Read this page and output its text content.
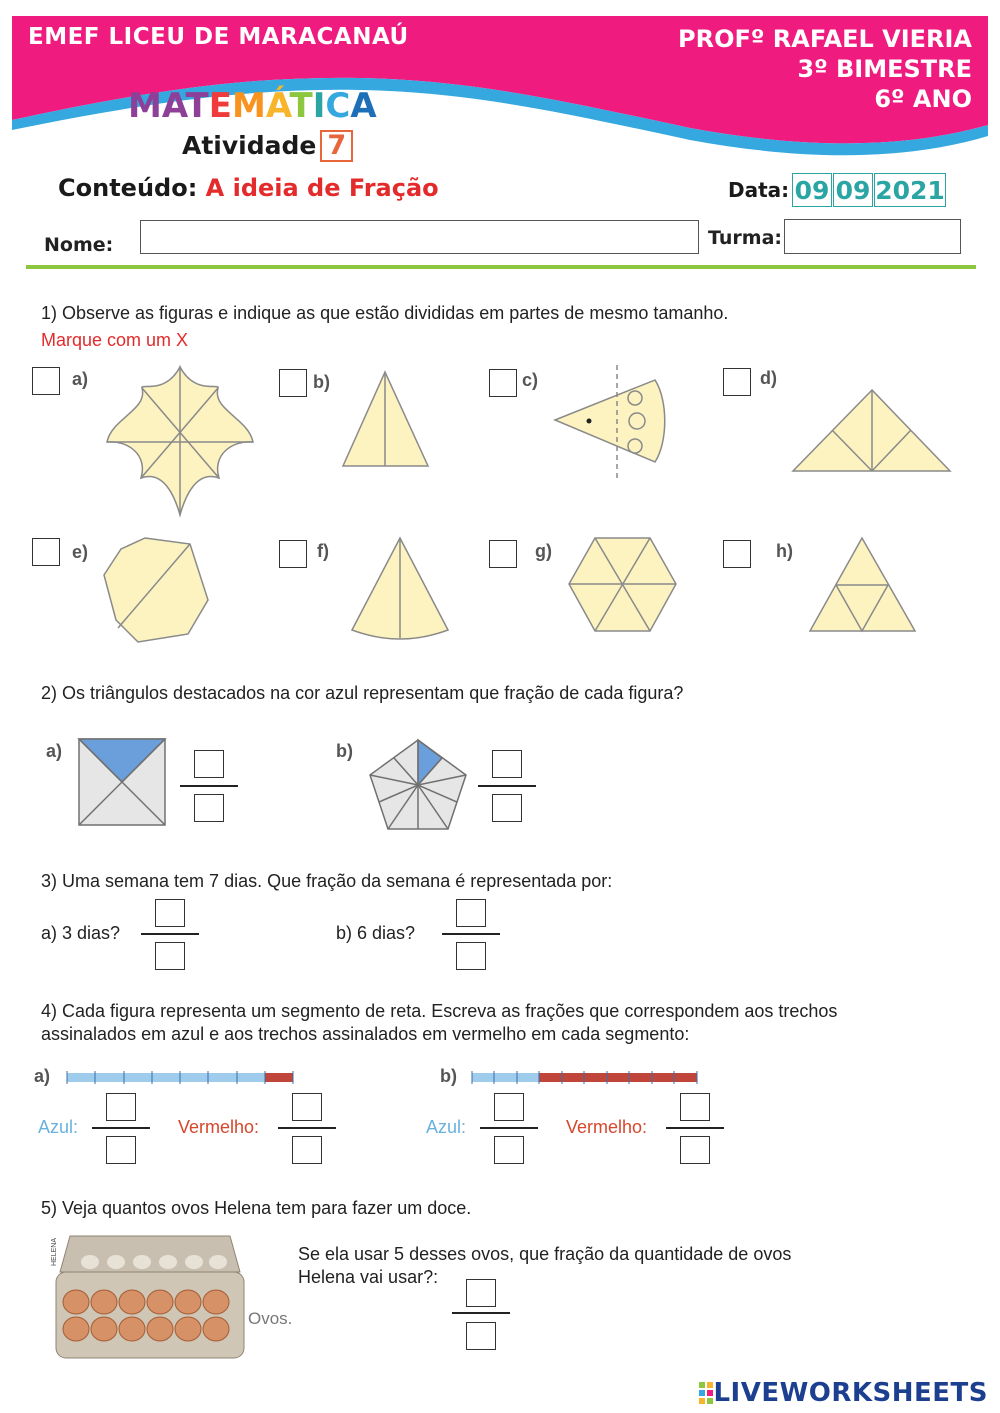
EMEF LICEU DE MARACANAÚ	PROFº RAFAEL VIERIA
3º BIMESTRE
6º ANO
MATEMÁTICA
Atividade 7
Conteúdo: A ideia de Fração	Data: 09 09 2021
Nome:	Turma:
1) Observe as figuras e indique as que estão divididas em partes de mesmo tamanho.
Marque com um X
a)	b)	c)	d)
e)	f)	g)	h)
2) Os triângulos destacados na cor azul representam que fração de cada figura?
a)	b)
3) Uma semana tem 7 dias. Que fração da semana é representada por:
a) 3 dias?	b) 6 dias?
4) Cada figura representa um segmento de reta. Escreva as frações que correspondem aos trechos
assinalados em azul e aos trechos assinalados em vermelho em cada segmento:
a)	b)
Azul:	Vermelho:	Azul:	Vermelho:
5) Veja quantos ovos Helena tem para fazer um doce.
HELENA
Ovos.
Se ela usar 5 desses ovos, que fração da quantidade de ovos
Helena vai usar?:
LIVEWORKSHEETS
